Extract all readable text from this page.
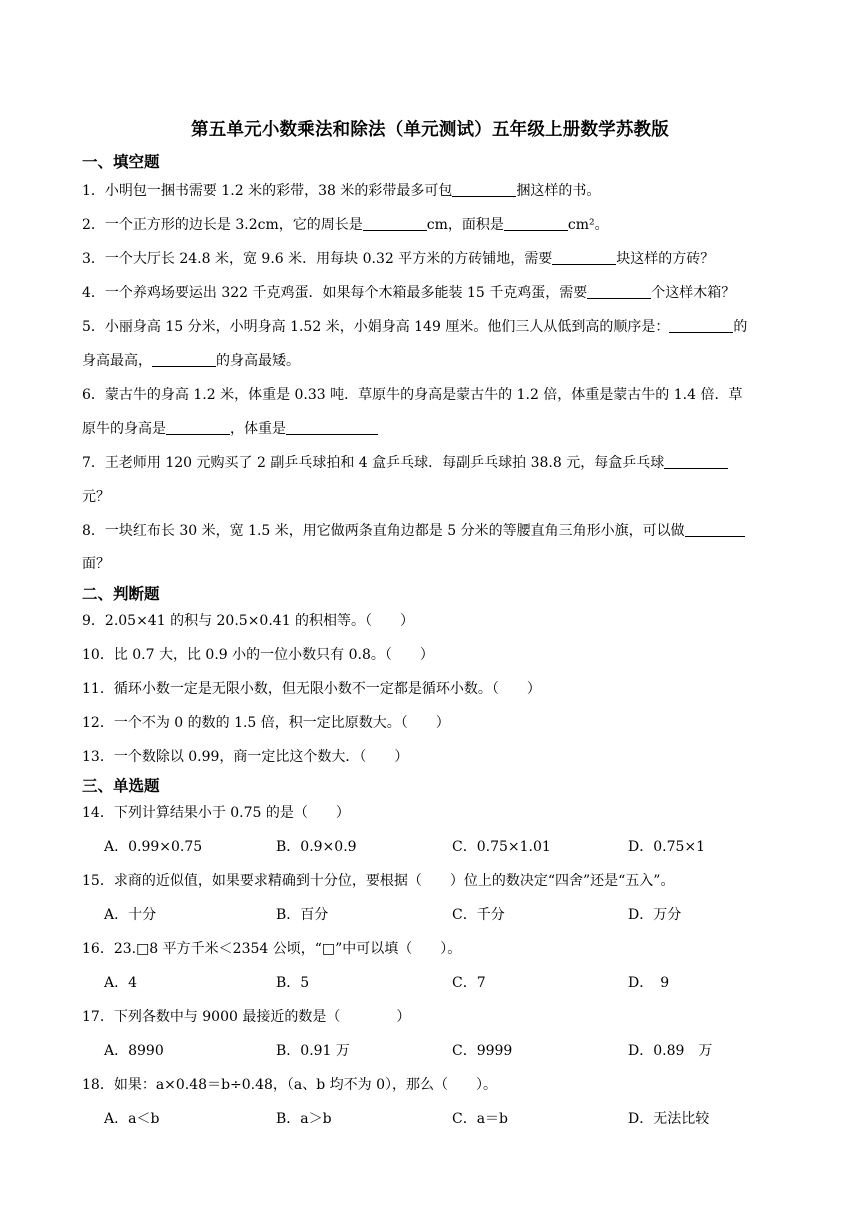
第五单元小数乘法和除法（单元测试）五年级上册数学苏教版
一、填空题
1．小明包一捆书需要 1.2 米的彩带，38 米的彩带最多可包	捆这样的书。
2．一个正方形的边长是 3.2cm，它的周长是	cm，面积是	cm²。
3．一个大厅长 24.8 米，宽 9.6 米．用每块 0.32 平方米的方砖铺地，需要	块这样的方砖？
4．一个养鸡场要运出 322 千克鸡蛋．如果每个木箱最多能装 15 千克鸡蛋，需要	个这样木箱？
5．小丽身高 15 分米，小明身高 1.52 米，小娟身高 149 厘米。他们三人从低到高的顺序是：	的
身高最高，	的身高最矮。
6．蒙古牛的身高 1.2 米，体重是 0.33 吨．草原牛的身高是蒙古牛的 1.2 倍，体重是蒙古牛的 1.4 倍．草
原牛的身高是	，体重是
7．王老师用 120 元购买了 2 副乒乓球拍和 4 盒乒乓球．每副乒乓球拍 38.8 元，每盒乒乓球
元？
8．一块红布长 30 米，宽 1.5 米，用它做两条直角边都是 5 分米的等腰直角三角形小旗，可以做
面？
二、判断题
9．2.05×41 的积与 20.5×0.41 的积相等。（　　）
10．比 0.7 大，比 0.9 小的一位小数只有 0.8。（　　）
11．循环小数一定是无限小数，但无限小数不一定都是循环小数。（　　）
12．一个不为 0 的数的 1.5 倍，积一定比原数大。（　　）
13．一个数除以 0.99，商一定比这个数大．（　　）
三、单选题
14．下列计算结果小于 0.75 的是（　　）
A．0.99×0.75	B．0.9×0.9	C．0.75×1.01	D．0.75×1
15．求商的近似值，如果要求精确到十分位，要根据（　　）位上的数决定“四舍”还是“五入”。
A．十分	B．百分	C．千分	D．万分
16．23.□8 平方千米＜2354 公顷，“□”中可以填（　　）。
A．4	B．5	C．7	D．　9
17．下列各数中与 9000 最接近的数是（　　　　）
A．8990	B．0.91 万	C．9999	D．0.89　万
18．如果：a×0.48＝b÷0.48，（a、b 均不为 0），那么（　　）。
A．a＜b	B．a＞b	C．a＝b	D．无法比较
